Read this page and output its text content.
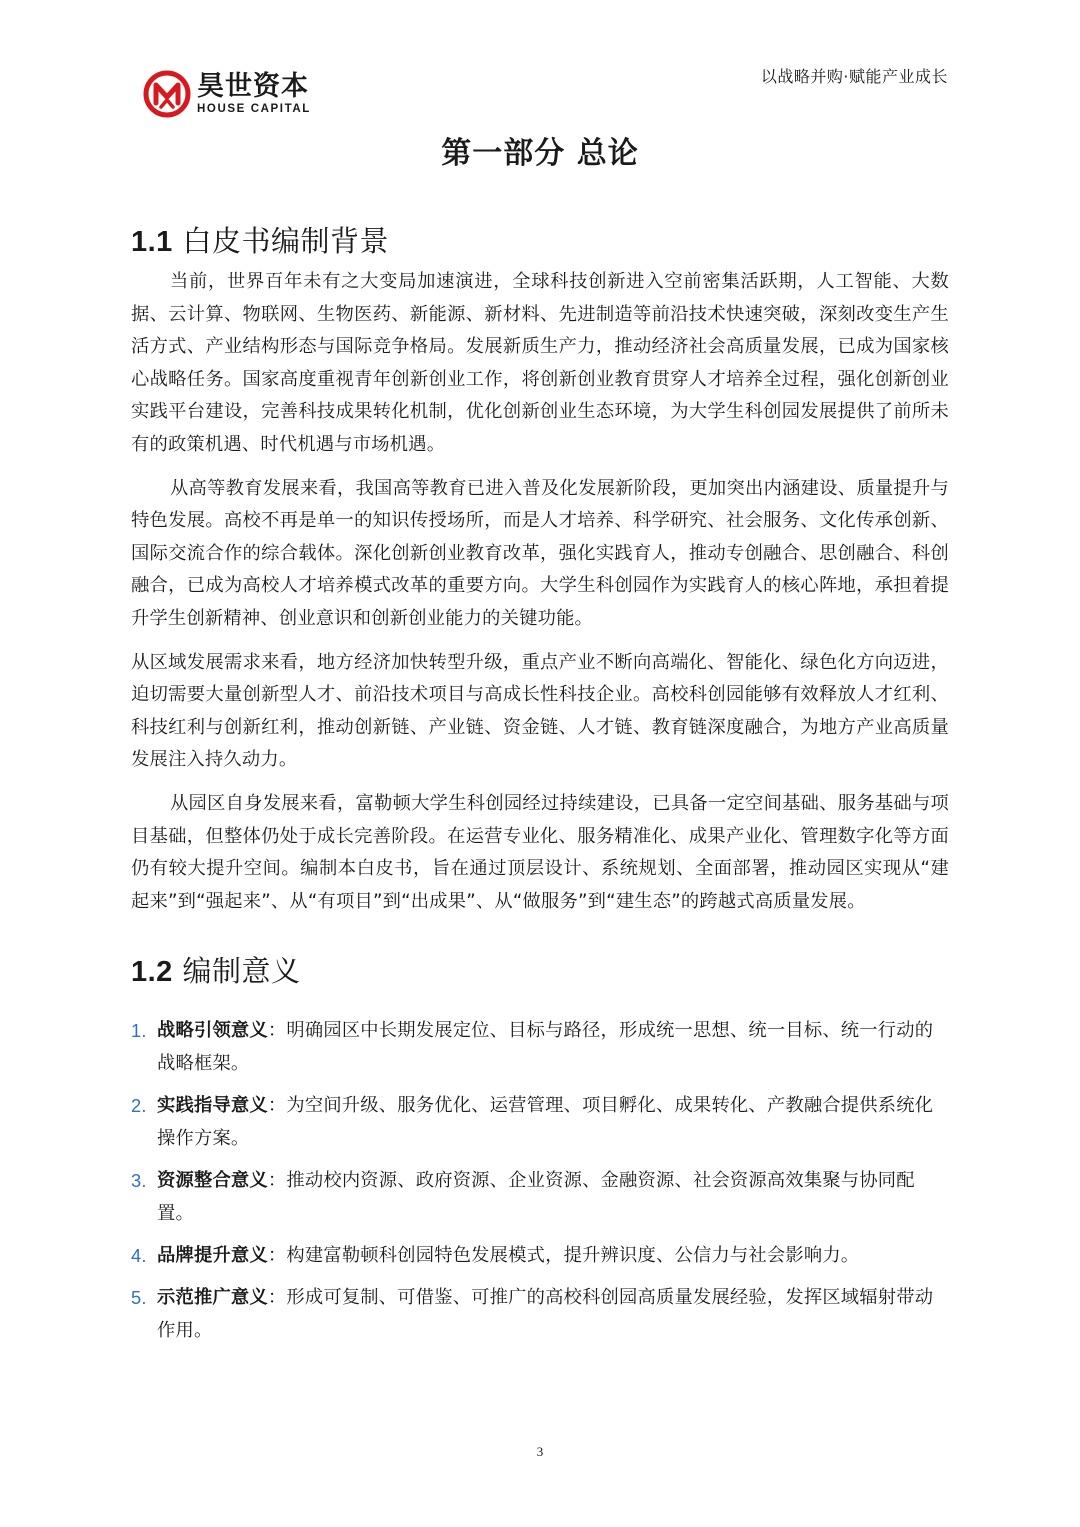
昊世资本
HOUSE CAPITAL
以战略并购·赋能产业成长
第一部分 总论
1.1 白皮书编制背景

当前，世界百年未有之大变局加速演进，全球科技创新进入空前密集活跃期，人工智能、大数据、云计算、物联网、生物医药、新能源、新材料、先进制造等前沿技术快速突破，深刻改变生产生活方式、产业结构形态与国际竞争格局。发展新质生产力，推动经济社会高质量发展，已成为国家核心战略任务。国家高度重视青年创新创业工作，将创新创业教育贯穿人才培养全过程，强化创新创业实践平台建设，完善科技成果转化机制，优化创新创业生态环境，为大学生科创园发展提供了前所未有的政策机遇、时代机遇与市场机遇。

从高等教育发展来看，我国高等教育已进入普及化发展新阶段，更加突出内涵建设、质量提升与特色发展。高校不再是单一的知识传授场所，而是人才培养、科学研究、社会服务、文化传承创新、国际交流合作的综合载体。深化创新创业教育改革，强化实践育人，推动专创融合、思创融合、科创融合，已成为高校人才培养模式改革的重要方向。大学生科创园作为实践育人的核心阵地，承担着提升学生创新精神、创业意识和创新创业能力的关键功能。

从区域发展需求来看，地方经济加快转型升级，重点产业不断向高端化、智能化、绿色化方向迈进，迫切需要大量创新型人才、前沿技术项目与高成长性科技企业。高校科创园能够有效释放人才红利、科技红利与创新红利，推动创新链、产业链、资金链、人才链、教育链深度融合，为地方产业高质量发展注入持久动力。

从园区自身发展来看，富勒顿大学生科创园经过持续建设，已具备一定空间基础、服务基础与项目基础，但整体仍处于成长完善阶段。在运营专业化、服务精准化、成果产业化、管理数字化等方面仍有较大提升空间。编制本白皮书，旨在通过顶层设计、系统规划、全面部署，推动园区实现从“建起来”到“强起来”、从“有项目”到“出成果”、从“做服务”到“建生态”的跨越式高质量发展。

1.2 编制意义
1. 战略引领意义：明确园区中长期发展定位、目标与路径，形成统一思想、统一目标、统一行动的战略框架。
2. 实践指导意义：为空间升级、服务优化、运营管理、项目孵化、成果转化、产教融合提供系统化操作方案。
3. 资源整合意义：推动校内资源、政府资源、企业资源、金融资源、社会资源高效集聚与协同配置。
4. 品牌提升意义：构建富勒顿科创园特色发展模式，提升辨识度、公信力与社会影响力。
5. 示范推广意义：形成可复制、可借鉴、可推广的高校科创园高质量发展经验，发挥区域辐射带动作用。
3
